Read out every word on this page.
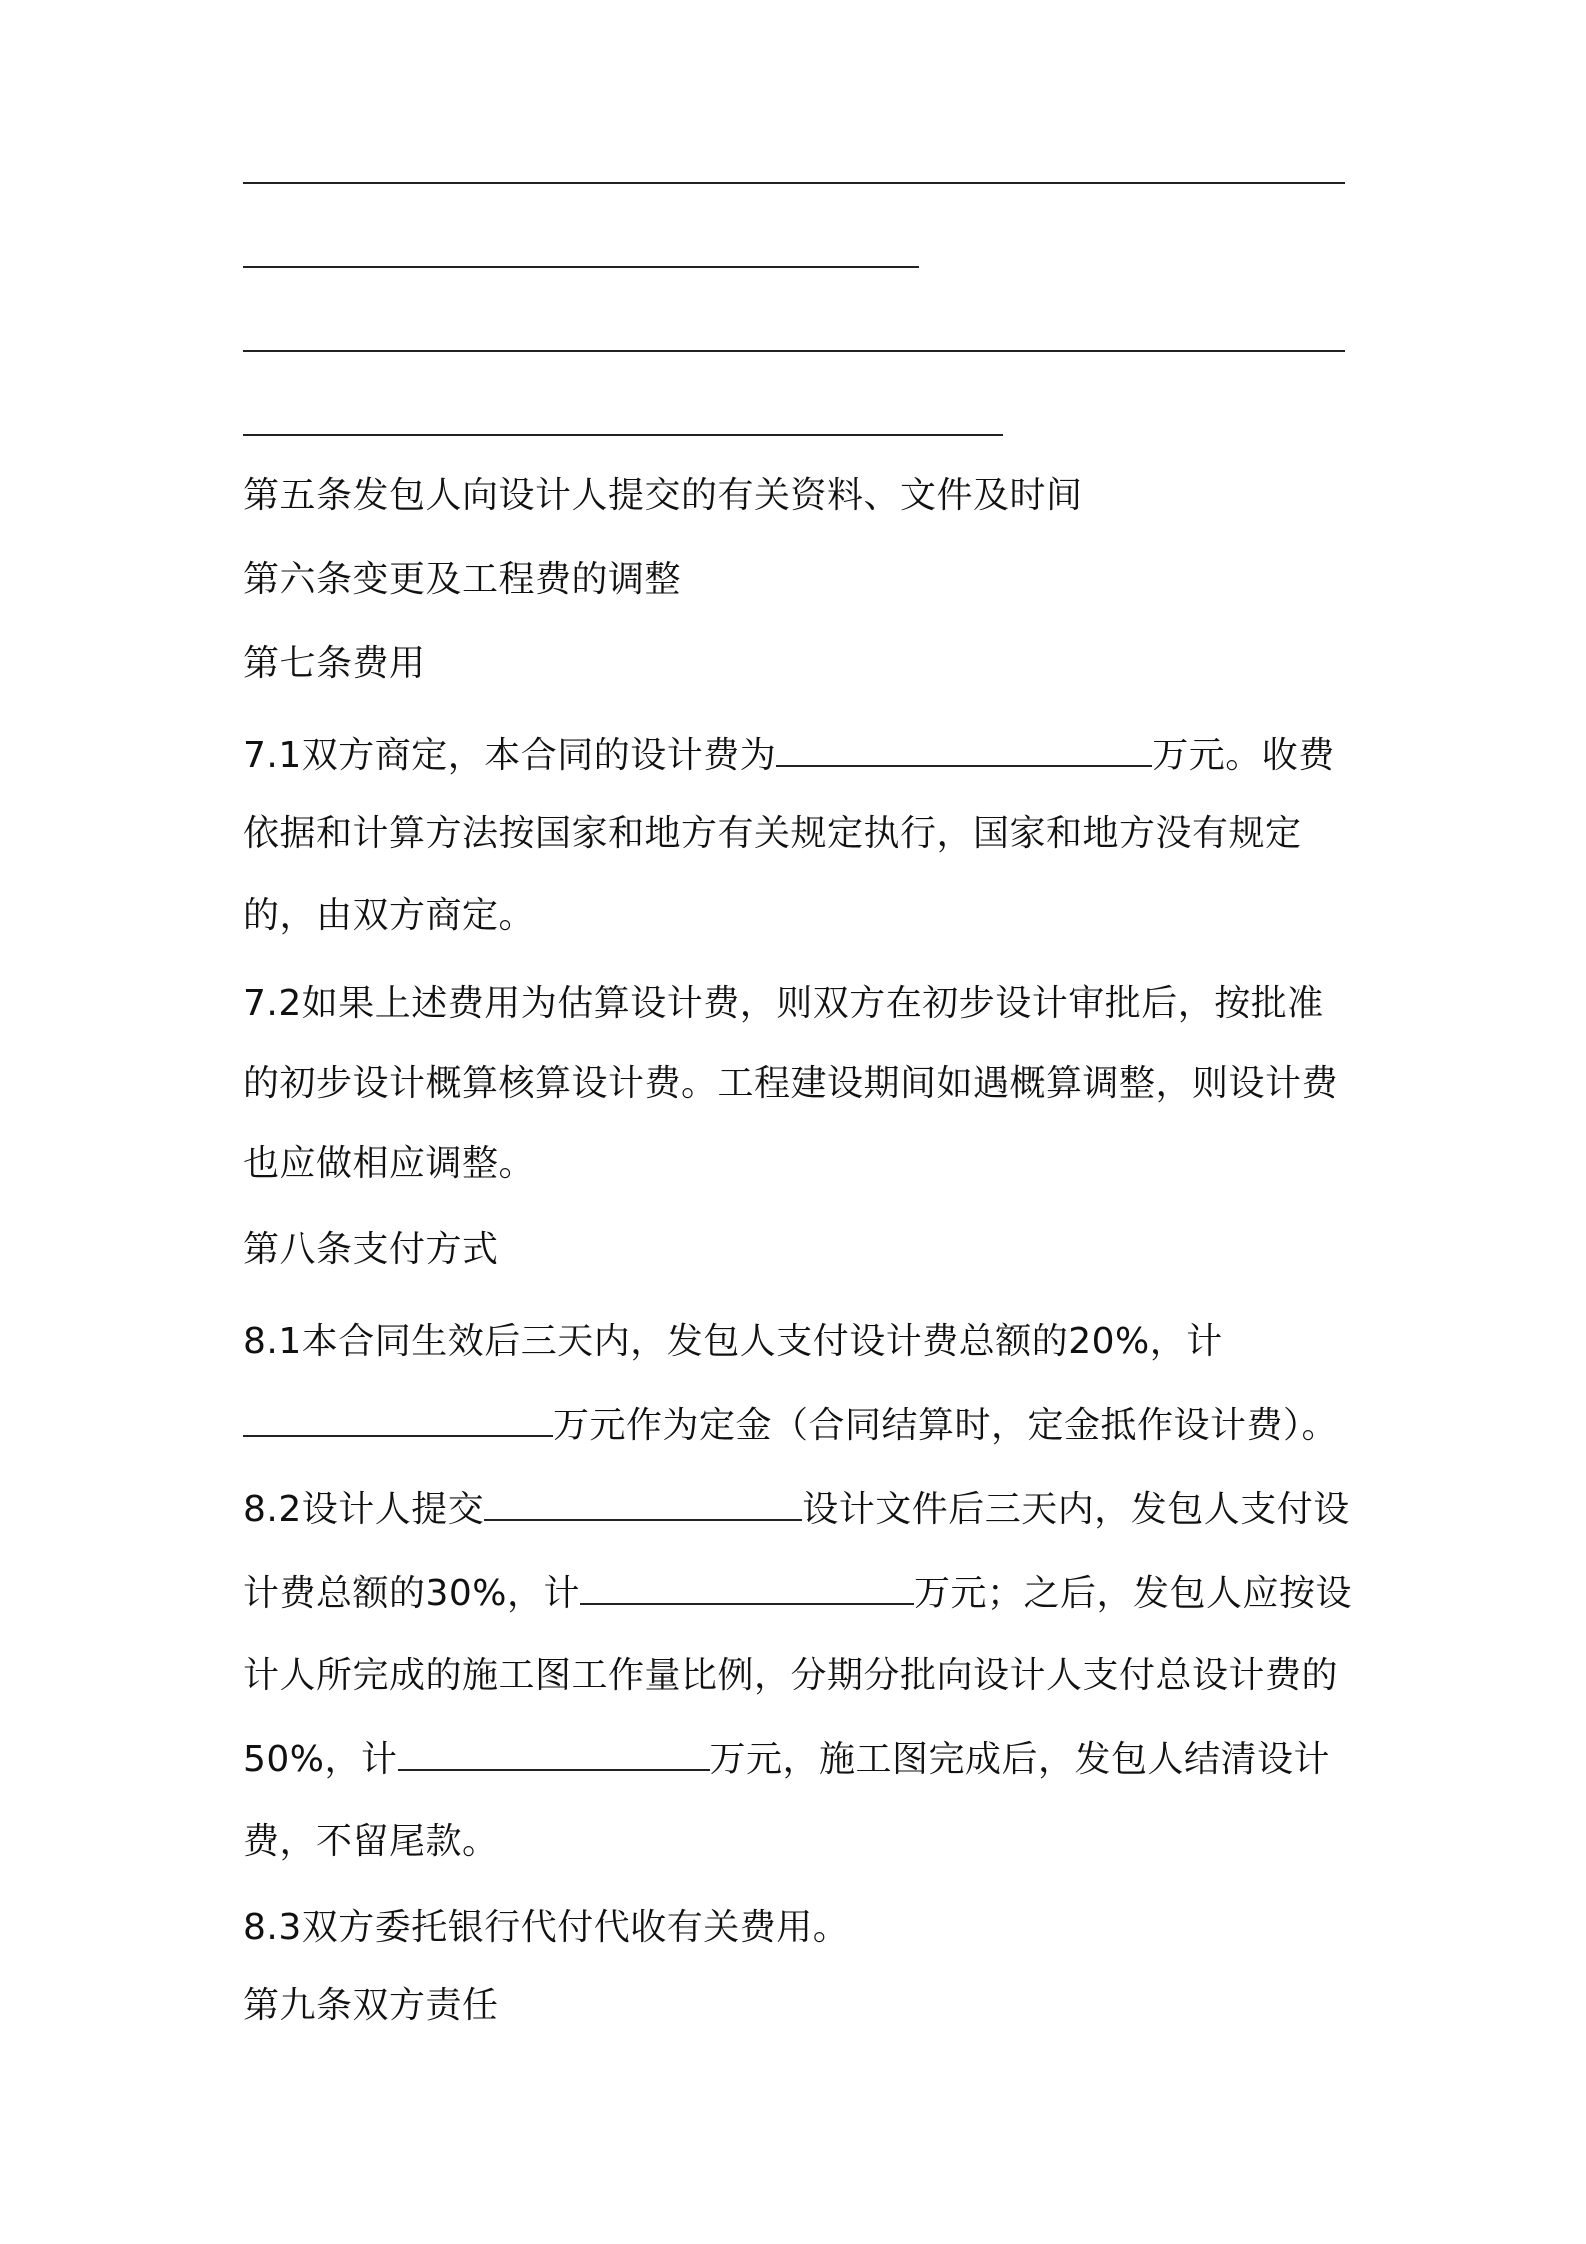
第五条发包人向设计人提交的有关资料、文件及时间
第六条变更及工程费的调整
第七条费用
7.1双方商定，本合同的设计费为	万元。收费
依据和计算方法按国家和地方有关规定执行，国家和地方没有规定
的，由双方商定。
7.2如果上述费用为估算设计费，则双方在初步设计审批后，按批准
的初步设计概算核算设计费。工程建设期间如遇概算调整，则设计费
也应做相应调整。
第八条支付方式
8.1本合同生效后三天内，发包人支付设计费总额的20%，计
万元作为定金（合同结算时，定金抵作设计费）。
8.2设计人提交	设计文件后三天内，发包人支付设
计费总额的30%，计	万元；之后，发包人应按设
计人所完成的施工图工作量比例，分期分批向设计人支付总设计费的
50%，计	万元，施工图完成后，发包人结清设计
费，不留尾款。
8.3双方委托银行代付代收有关费用。
第九条双方责任
